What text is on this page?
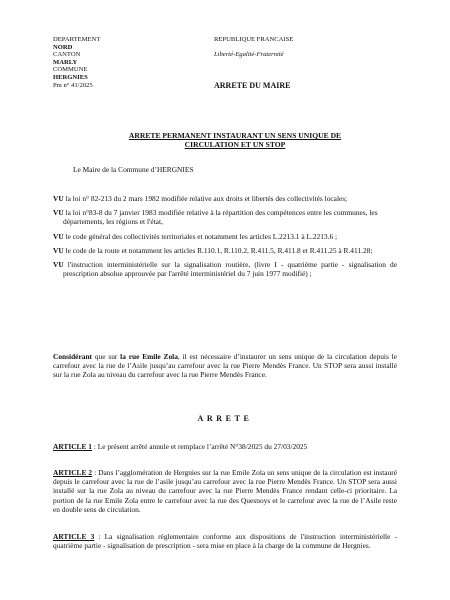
DEPARTEMENT
NORD
CANTON
MARLY
COMMUNE
HERGNIES
Pm n° 41/2025
REPUBLIQUE FRANCAISE
Liberté-Egalité-Fraternité
ARRETE DU MAIRE
ARRETE PERMANENT INSTAURANT UN SENS UNIQUE DE
CIRCULATION ET UN STOP
Le Maire de la Commune d’HERGNIES
VU la loi n° 82-213 du 2 mars 1982 modifiée relative aux droits et libertés des collectivités locales;
VU la loi n°83-8 du 7 janvier 1983 modifiée relative à la répartition des compétences entre les communes, les départements, les régions et l'état,
VU le code général des collectivités territoriales et notamment les articles L.2213.1 à L.2213.6 ;
VU le code de la route et notamment les articles R.110.1, R.110.2, R.411.5, R.411.8 et R.411.25 à R.411.28;
VU l'instruction interministérielle sur la signalisation routière, (livre I - quatrième partie - signalisation de prescription absolue approuvée par l'arrêté interministériel du 7 juin 1977 modifié) ;
Considérant que sur la rue Emile Zola, il est nécessaire d’instaurer un sens unique de la circulation depuis le carrefour avec la rue de l’Asile jusqu’au carrefour avec la rue Pierre Mendès France. Un STOP sera aussi installé sur la rue Zola au niveau du carrefour avec la rue Pierre Mendès France.
ARRETE
ARTICLE 1 : Le présent arrêté annule et remplace l’arrêté N°38/2025 du 27/03/2025
ARTICLE 2 : Dans l’agglomération de Hergnies sur la rue Emile Zola un sens unique de la circulation est instauré depuis le carrefour avec la rue de l’asile jusqu’au carrefour avec la rue Pierre Mendès France. Un STOP sera aussi installé sur la rue Zola au niveau du carrefour avec la rue Pierre Mendès France rendant celle-ci prioritaire. La portion de la rue Emile Zola entre le carrefour avec la rue des Quesnoys et le carrefour avec la rue de l’Asile reste en double sens de circulation.
ARTICLE 3 : La signalisation réglementaire conforme aux dispositions de l'instruction interministérielle - quatrième partie - signalisation de prescription - sera mise en place à la charge de la commune de Hergnies.
